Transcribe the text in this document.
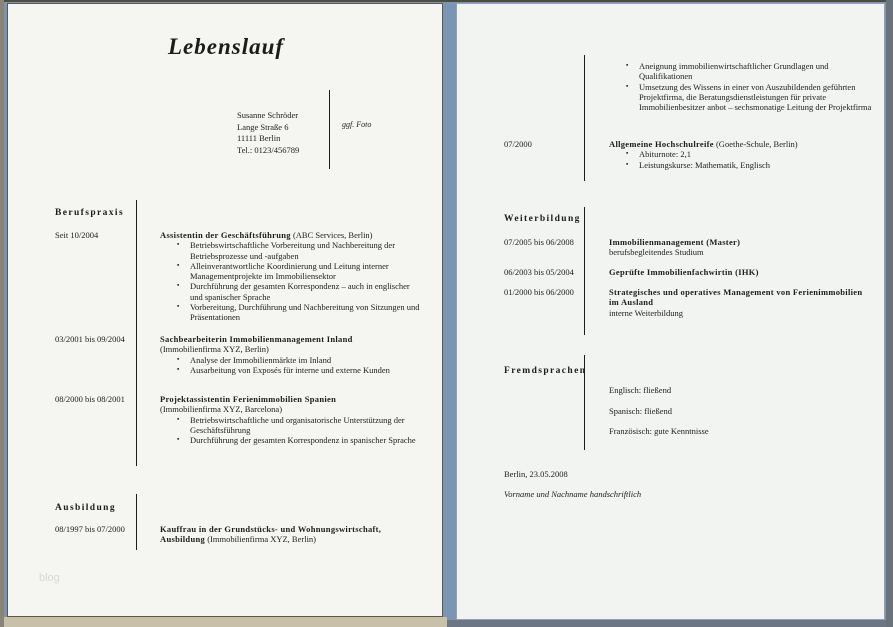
Lebenslauf
Susanne Schröder
Lange Straße 6
11111 Berlin
Tel.: 0123/456789
ggf. Foto
Berufspraxis
Seit 10/2004	Assistentin der Geschäftsführung (ABC Services, Berlin)
▪	Betriebswirtschaftliche Vorbereitung und Nachbereitung der Betriebsprozesse und -aufgaben
▪	Alleinverantwortliche Koordinierung und Leitung interner Managementprojekte im Immobiliensektor
▪	Durchführung der gesamten Korrespondenz – auch in englischer und spanischer Sprache
▪	Vorbereitung, Durchführung und Nachbereitung von Sitzungen und Präsentationen
03/2001 bis 09/2004	Sachbearbeiterin Immobilienmanagement Inland
(Immobilienfirma XYZ, Berlin)
▪	Analyse der Immobilienmärkte im Inland
▪	Ausarbeitung von Exposés für interne und externe Kunden
08/2000 bis 08/2001	Projektassistentin Ferienimmobilien Spanien
(Immobilienfirma XYZ, Barcelona)
▪	Betriebswirtschaftliche und organisatorische Unterstützung der Geschäftsführung
▪	Durchführung der gesamten Korrespondenz in spanischer Sprache
Ausbildung
08/1997 bis 07/2000	Kauffrau in der Grundstücks- und Wohnungswirtschaft, Ausbildung (Immobilienfirma XYZ, Berlin)
blog
▪	Aneignung immobilienwirtschaftlicher Grundlagen und Qualifikationen
▪	Umsetzung des Wissens in einer von Auszubildenden geführten Projektfirma, die Beratungsdienstleistungen für private Immobilienbesitzer anbot – sechsmonatige Leitung der Projektfirma
07/2000	Allgemeine Hochschulreife (Goethe-Schule, Berlin)
▪	Abiturnote: 2,1
▪	Leistungskurse: Mathematik, Englisch
Weiterbildung
07/2005 bis 06/2008	Immobilienmanagement (Master)
berufsbegleitendes Studium
06/2003 bis 05/2004	Geprüfte Immobilienfachwirtin (IHK)
01/2000 bis 06/2000	Strategisches und operatives Management von Ferienimmobilien im Ausland
interne Weiterbildung
Fremdsprachen
Englisch: fließend
Spanisch: fließend
Französisch: gute Kenntnisse
Berlin, 23.05.2008
Vorname und Nachname handschriftlich
